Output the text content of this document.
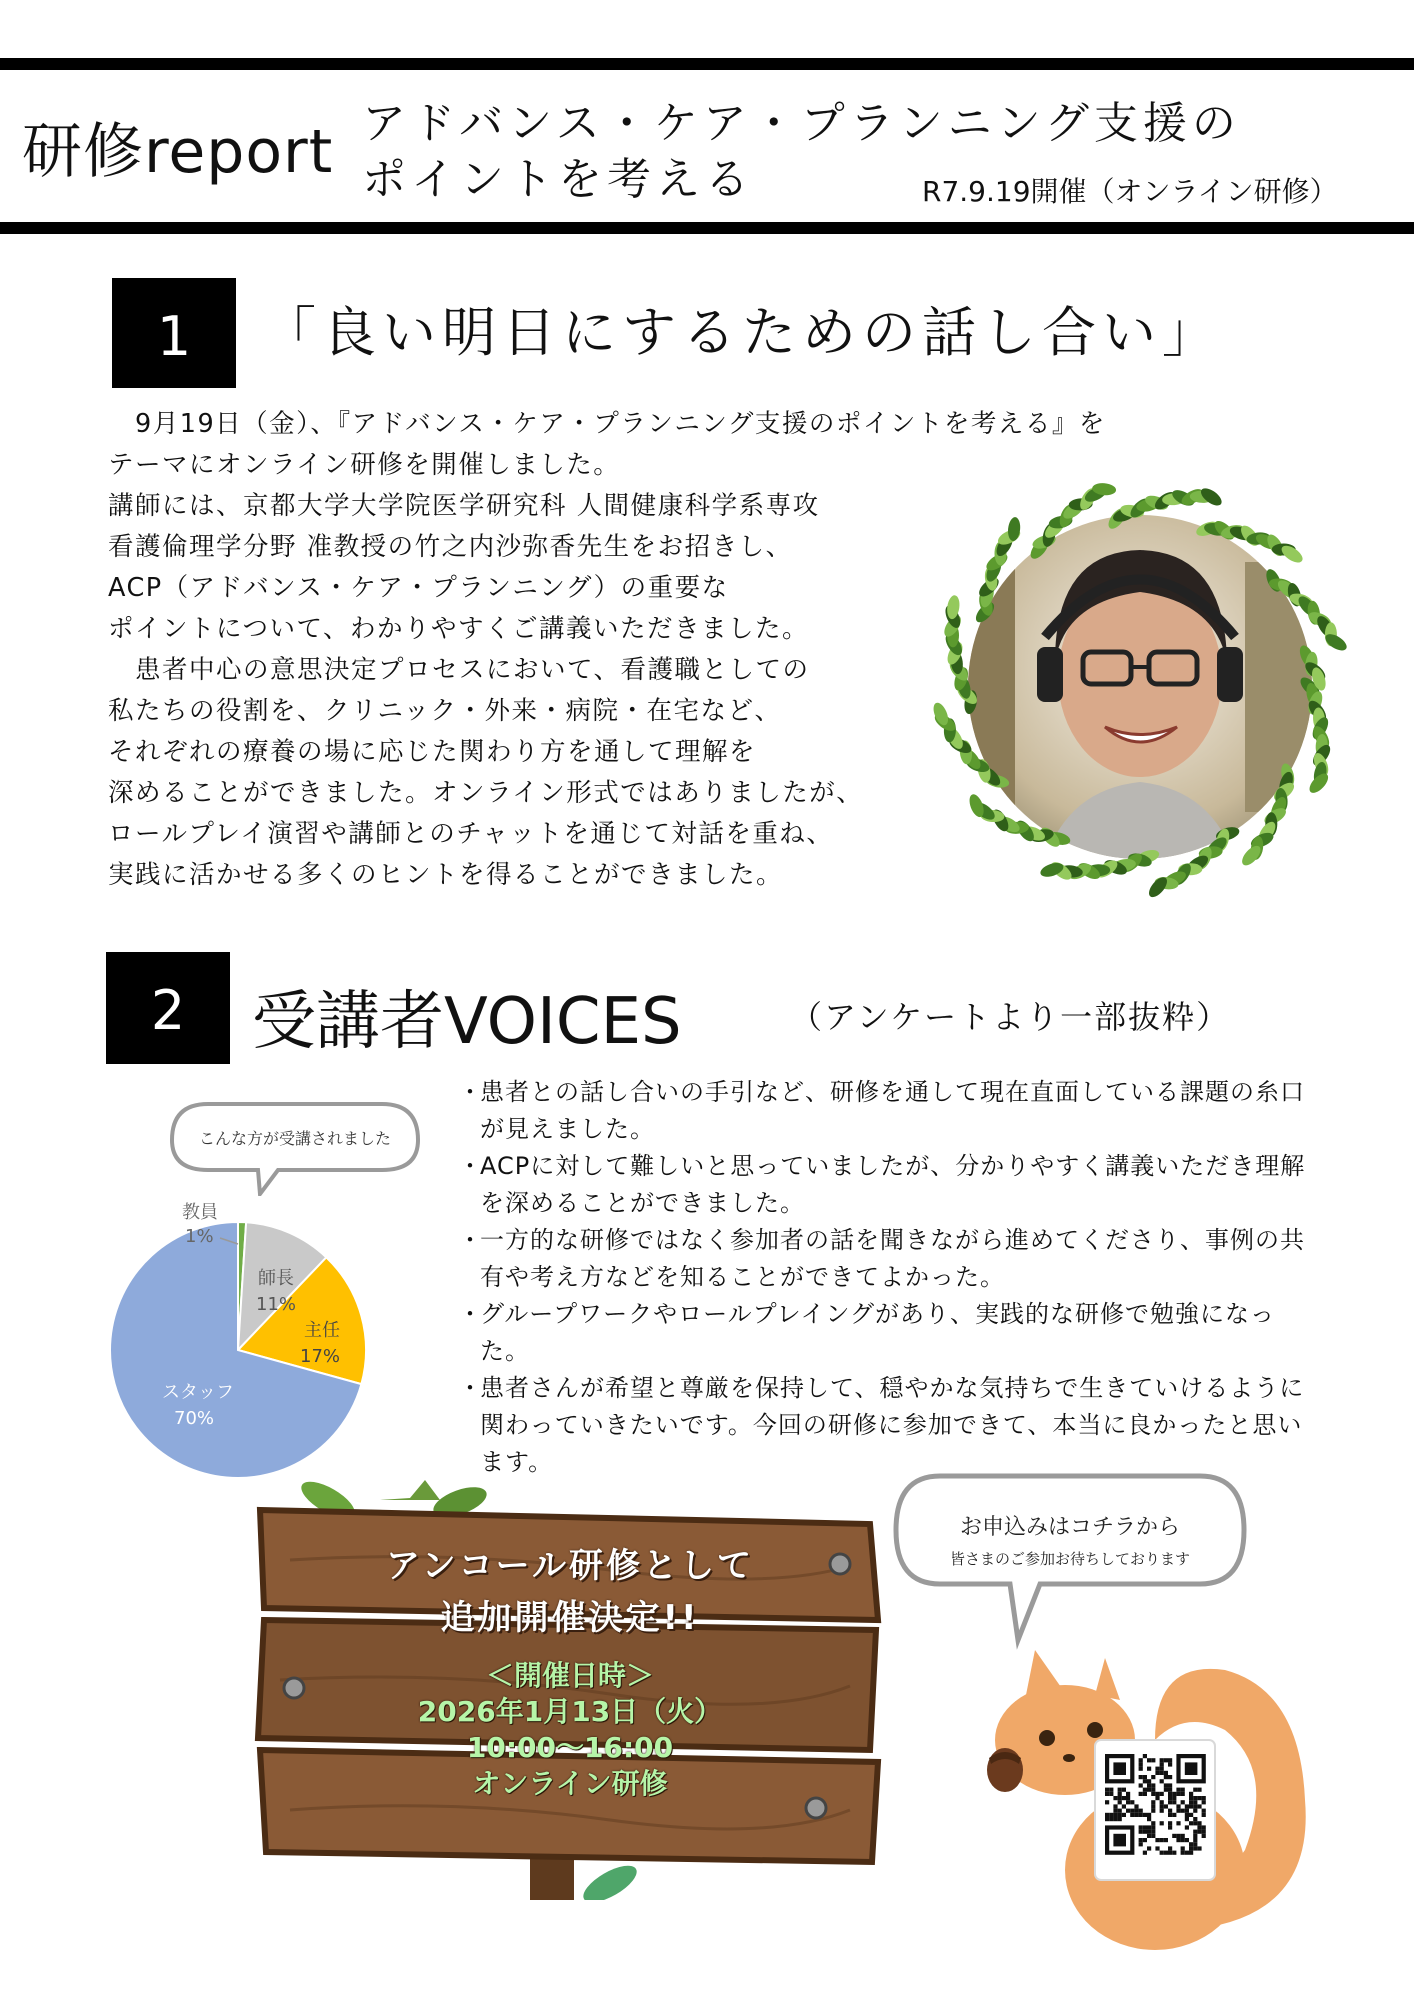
研修report アドバンス・ケア・プランニング支援の
ポイントを考える	R7.9.19開催（オンライン研修）
1	「良い明日にするための話し合い」

　9月19日（金）、『アドバンス・ケア・プランニング支援のポイントを考える』を

テーマにオンライン研修を開催しました。

講師には、京都大学大学院医学研究科 人間健康科学系専攻

看護倫理学分野 准教授の竹之内沙弥香先生をお招きし、

ACP（アドバンス・ケア・プランニング）の重要な

ポイントについて、わかりやすくご講義いただきました。

　患者中心の意思決定プロセスにおいて、看護職としての

私たちの役割を、クリニック・外来・病院・在宅など、

それぞれの療養の場に応じた関わり方を通して理解を

深めることができました。オンライン形式ではありましたが、

ロールプレイ演習や講師とのチャットを通じて対話を重ね、

実践に活かせる多くのヒントを得ることができました。

2	受講者VOICES	（アンケートより一部抜粋）
・ 患者との話し合いの手引など、研修を通して現在直面している課題の糸口が見えました。
・ ACPに対して難しいと思っていましたが、分かりやすく講義いただき理解を深めることができました。
・ 一方的な研修ではなく参加者の話を聞きながら進めてくださり、事例の共有や考え方などを知ることができてよかった。
・ グループワークやロールプレイングがあり、実践的な研修で勉強になった。
・ 患者さんが希望と尊厳を保持して、穏やかな気持ちで生きていけるように関わっていきたいです。今回の研修に参加できて、本当に良かったと思います。
教員
1%
師長
11%
主任
17%
スタッフ
70%
こんな方が受講されました
アンコール研修として
追加開催決定!!
＜開催日時＞
2026年1月13日（火）
10:00～16:00
オンライン研修
お申込みはコチラから
皆さまのご参加お待ちしております
